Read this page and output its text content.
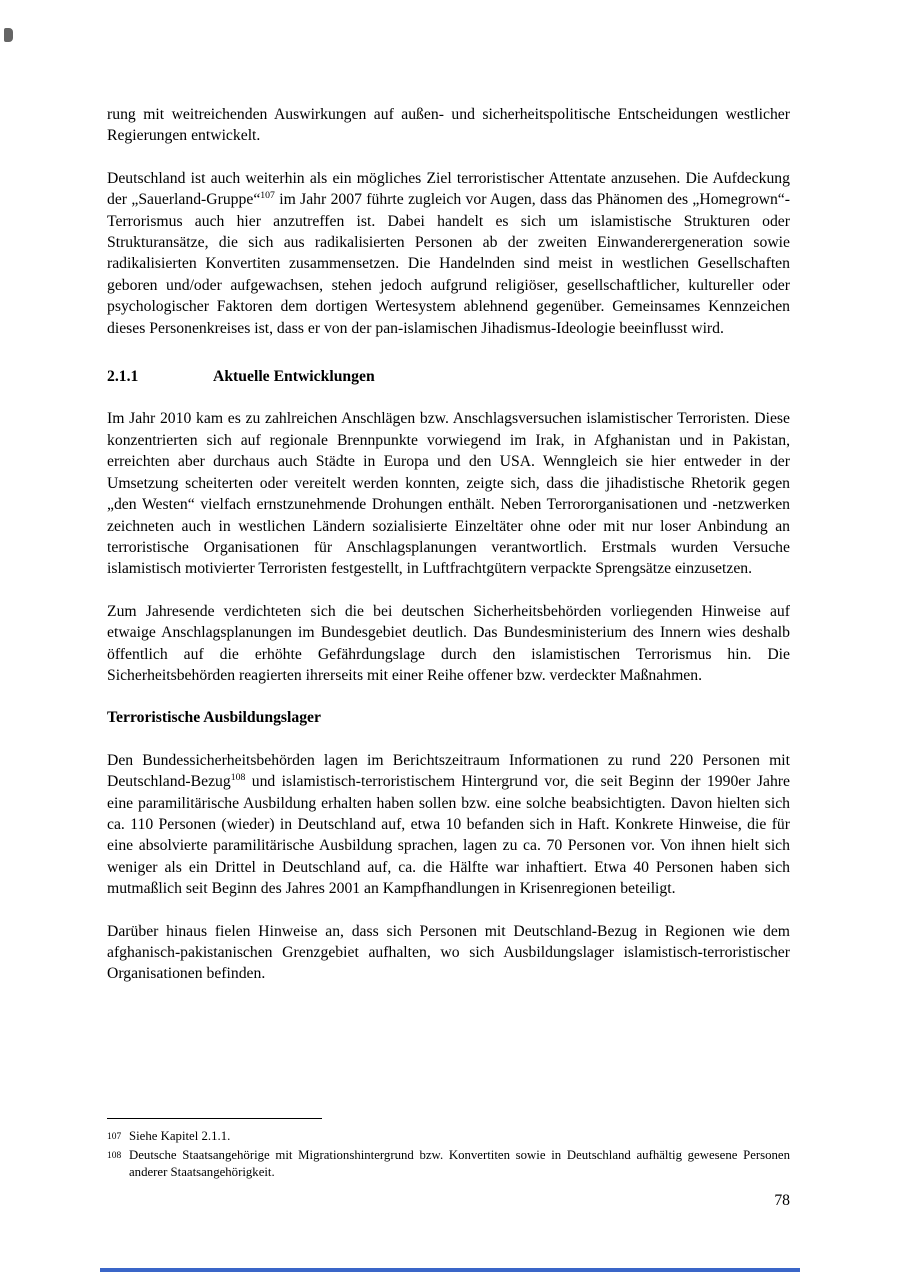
rung mit weitreichenden Auswirkungen auf außen- und sicherheitspolitische Entscheidungen westlicher Regierungen entwickelt.

Deutschland ist auch weiterhin als ein mögliches Ziel terroristischer Attentate anzusehen. Die Aufdeckung der „Sauerland-Gruppe“$^{107}$ im Jahr 2007 führte zugleich vor Augen, dass das Phänomen des „Homegrown“-Terrorismus auch hier anzutreffen ist. Dabei handelt es sich um islamistische Strukturen oder Strukturansätze, die sich aus radikalisierten Personen ab der zweiten Einwanderergeneration sowie radikalisierten Konvertiten zusammensetzen. Die Handelnden sind meist in westlichen Gesellschaften geboren und/oder aufgewachsen, stehen jedoch aufgrund religiöser, gesellschaftlicher, kultureller oder psychologischer Faktoren dem dortigen Wertesystem ablehnend gegenüber. Gemeinsames Kennzeichen dieses Personenkreises ist, dass er von der pan-islamischen Jihadismus-Ideologie beeinflusst wird.

2.1.1	Aktuelle Entwicklungen

Im Jahr 2010 kam es zu zahlreichen Anschlägen bzw. Anschlagsversuchen islamistischer Terroristen. Diese konzentrierten sich auf regionale Brennpunkte vorwiegend im Irak, in Afghanistan und in Pakistan, erreichten aber durchaus auch Städte in Europa und den USA. Wenngleich sie hier entweder in der Umsetzung scheiterten oder vereitelt werden konnten, zeigte sich, dass die jihadistische Rhetorik gegen „den Westen“ vielfach ernstzunehmende Drohungen enthält. Neben Terrororganisationen und -netzwerken zeichneten auch in westlichen Ländern sozialisierte Einzeltäter ohne oder mit nur loser Anbindung an terroristische Organisationen für Anschlagsplanungen verantwortlich. Erstmals wurden Versuche islamistisch motivierter Terroristen festgestellt, in Luftfrachtgütern verpackte Sprengsätze einzusetzen.

Zum Jahresende verdichteten sich die bei deutschen Sicherheitsbehörden vorliegenden Hinweise auf etwaige Anschlagsplanungen im Bundesgebiet deutlich. Das Bundesministerium des Innern wies deshalb öffentlich auf die erhöhte Gefährdungslage durch den islamistischen Terrorismus hin. Die Sicherheitsbehörden reagierten ihrerseits mit einer Reihe offener bzw. verdeckter Maßnahmen.

Terroristische Ausbildungslager

Den Bundessicherheitsbehörden lagen im Berichtszeitraum Informationen zu rund 220 Personen mit Deutschland-Bezug$^{108}$ und islamistisch-terroristischem Hintergrund vor, die seit Beginn der 1990er Jahre eine paramilitärische Ausbildung erhalten haben sollen bzw. eine solche beabsichtigten. Davon hielten sich ca. 110 Personen (wieder) in Deutschland auf, etwa 10 befanden sich in Haft. Konkrete Hinweise, die für eine absolvierte paramilitärische Ausbildung sprachen, lagen zu ca. 70 Personen vor. Von ihnen hielt sich weniger als ein Drittel in Deutschland auf, ca. die Hälfte war inhaftiert. Etwa 40 Personen haben sich mutmaßlich seit Beginn des Jahres 2001 an Kampfhandlungen in Krisenregionen beteiligt.

Darüber hinaus fielen Hinweise an, dass sich Personen mit Deutschland-Bezug in Regionen wie dem afghanisch-pakistanischen Grenzgebiet aufhalten, wo sich Ausbildungslager islamistisch-terroristischer Organisationen befinden.

107 Siehe Kapitel 2.1.1.
108 Deutsche Staatsangehörige mit Migrationshintergrund bzw. Konvertiten sowie in Deutschland aufhältig gewesene Personen anderer Staatsangehörigkeit.
78
